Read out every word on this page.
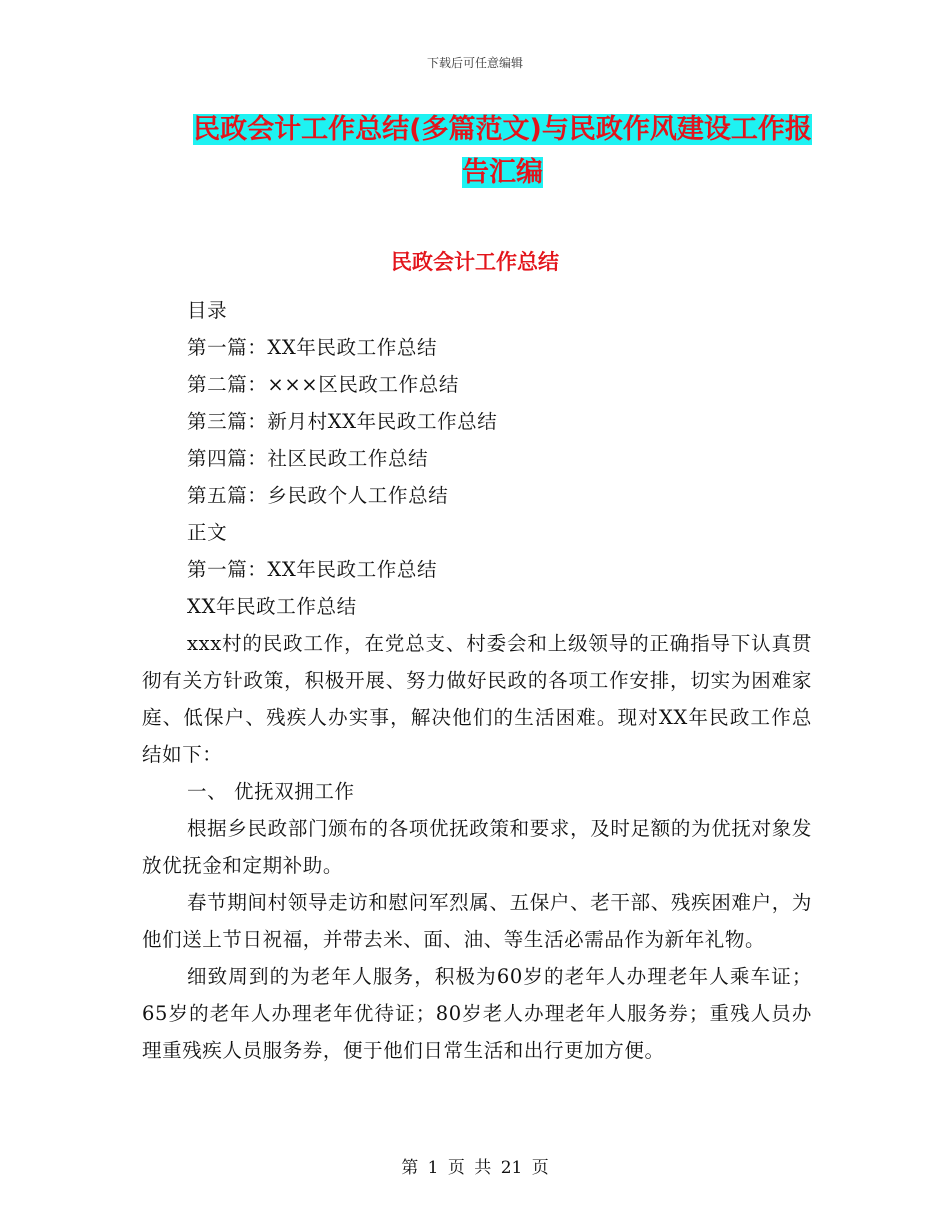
下载后可任意编辑
民政会计工作总结(多篇范文)与民政作风建设工作报告汇编
民政会计工作总结

目录

第一篇：XX年民政工作总结

第二篇：×××区民政工作总结

第三篇：新月村XX年民政工作总结

第四篇：社区民政工作总结

第五篇：乡民政个人工作总结

正文

第一篇：XX年民政工作总结

XX年民政工作总结

xxx村的民政工作，在党总支、村委会和上级领导的正确指导下认真贯彻有关方针政策，积极开展、努力做好民政的各项工作安排，切实为困难家庭、低保户、残疾人办实事，解决他们的生活困难。现对XX年民政工作总结如下：

一、 优抚双拥工作

根据乡民政部门颁布的各项优抚政策和要求，及时足额的为优抚对象发放优抚金和定期补助。

春节期间村领导走访和慰问军烈属、五保户、老干部、残疾困难户，为他们送上节日祝福，并带去米、面、油、等生活必需品作为新年礼物。

细致周到的为老年人服务，积极为60岁的老年人办理老年人乘车证；65岁的老年人办理老年优待证；80岁老人办理老年人服务券；重残人员办理重残疾人员服务券，便于他们日常生活和出行更加方便。

第 1 页 共 21 页
